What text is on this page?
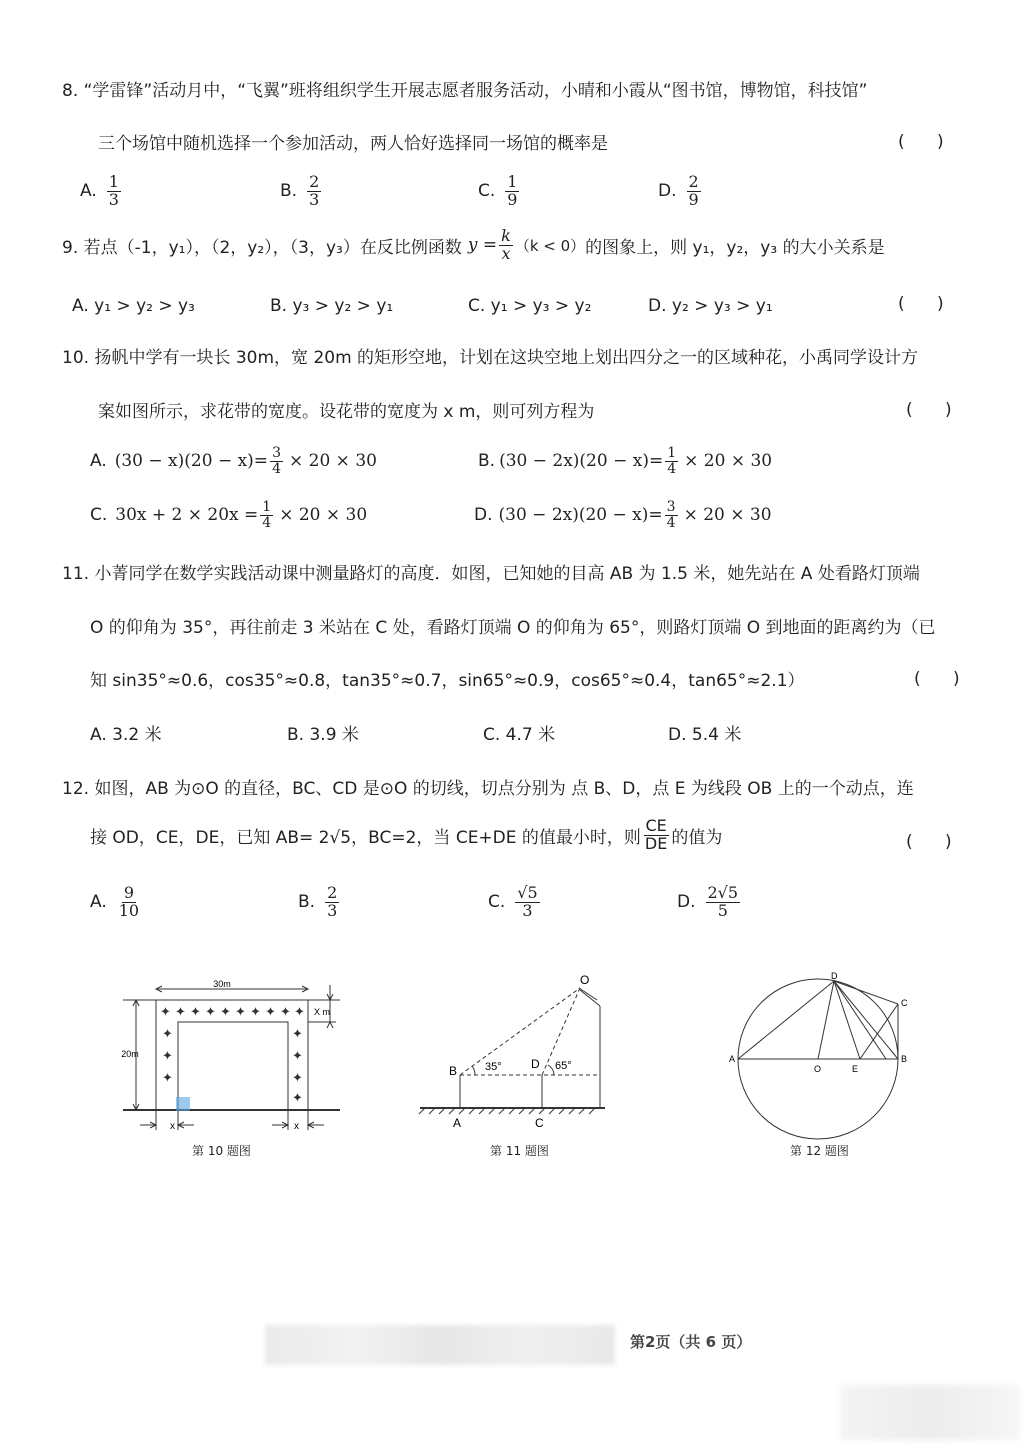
8. “学雷锋”活动月中，“飞翼”班将组织学生开展志愿者服务活动，小晴和小霞从“图书馆，博物馆，科技馆”
三个场馆中随机选择一个参加活动，两人恰好选择同一场馆的概率是	(      )
A. $\frac{1}{3}$	B. $\frac{2}{3}$	C. $\frac{1}{9}$	D. $\frac{2}{9}$
9. 若点（-1，y₁），（2，y₂），（3，y₃）在反比例函数 $y = \frac{k}{x} (k < 0)$ 的图象上，则 y₁，y₂，y₃ 的大小关系是
A. y₁ > y₂ > y₃	B. y₃ > y₂ > y₁	C. y₁ > y₃ > y₂	D. y₂ > y₃ > y₁	(      )
10. 扬帆中学有一块长 30m，宽 20m 的矩形空地，计划在这块空地上划出四分之一的区域种花，小禹同学设计方
案如图所示，求花带的宽度。设花带的宽度为 x m，则可列方程为	(      )
A. $(30 - x)(20 - x)= \frac{3}{4} \times 20 \times 30$	B. $(30 - 2x)(20 - x)= \frac{1}{4} \times 20 \times 30$
C. $30x + 2 \times 20x = \frac{1}{4} \times 20 \times 30$	D. $(30 - 2x)(20 - x)= \frac{3}{4} \times 20 \times 30$
11. 小菁同学在数学实践活动课中测量路灯的高度．如图，已知她的目高 AB 为 1.5 米，她先站在 A 处看路灯顶端
O 的仰角为 35°，再往前走 3 米站在 C 处，看路灯顶端 O 的仰角为 65°，则路灯顶端 O 到地面的距离约为（已
知 sin35°≈0.6，cos35°≈0.8，tan35°≈0.7，sin65°≈0.9，cos65°≈0.4，tan65°≈2.1）	(      )
A. 3.2 米	B. 3.9 米	C. 4.7 米	D. 5.4 米
12. 如图，AB 为⊙O 的直径，BC、CD 是⊙O 的切线，切点分别为 点 B、D，点 E 为线段 OB 上的一个动点，连
接 OD，CE，DE，已知 AB= 2√5，BC=2，当 CE+DE 的值最小时，则 $\frac{CE}{DE}$ 的值为	(      )
A. $\frac{9}{10}$	B. $\frac{2}{3}$	C. $\frac{√5}{3}$	D. $\frac{2√5}{5}$
✦ ✦ ✦ ✦ ✦ ✦ ✦ ✦ ✦ ✦
✦
✦
✦
✦
✦
✦
✦
30m
20m
X m
x	x
第 10 题图
O
B	D
A	C
35°	65°
第 11 题图
D
C
A
O	E
B
第 12 题图
第2页（共 6 页）
